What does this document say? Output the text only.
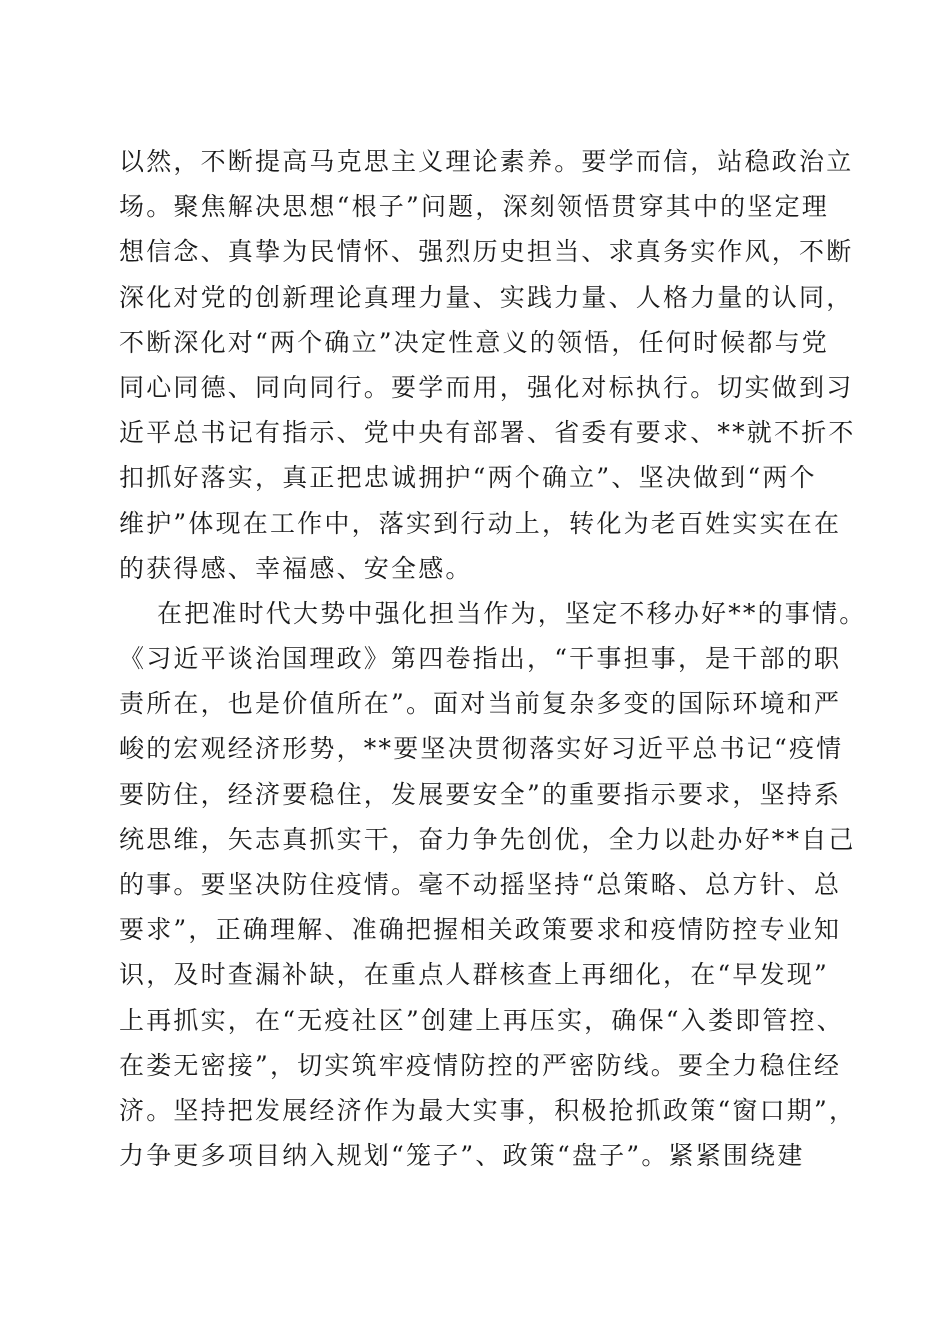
以然，不断提高马克思主义理论素养。要学而信，站稳政治立
场。聚焦解决思想“根子”问题，深刻领悟贯穿其中的坚定理
想信念、真挚为民情怀、强烈历史担当、求真务实作风，不断
深化对党的创新理论真理力量、实践力量、人格力量的认同，
不断深化对“两个确立”决定性意义的领悟，任何时候都与党
同心同德、同向同行。要学而用，强化对标执行。切实做到习
近平总书记有指示、党中央有部署、省委有要求、**就不折不
扣抓好落实，真正把忠诚拥护“两个确立”、坚决做到“两个
维护”体现在工作中，落实到行动上，转化为老百姓实实在在
的获得感、幸福感、安全感。
在把准时代大势中强化担当作为，坚定不移办好**的事情。
《习近平谈治国理政》第四卷指出，“干事担事，是干部的职
责所在，也是价值所在”。面对当前复杂多变的国际环境和严
峻的宏观经济形势，**要坚决贯彻落实好习近平总书记“疫情
要防住，经济要稳住，发展要安全”的重要指示要求，坚持系
统思维，矢志真抓实干，奋力争先创优，全力以赴办好**自己
的事。要坚决防住疫情。毫不动摇坚持“总策略、总方针、总
要求”，正确理解、准确把握相关政策要求和疫情防控专业知
识，及时查漏补缺，在重点人群核查上再细化，在“早发现”
上再抓实，在“无疫社区”创建上再压实，确保“入娄即管控、
在娄无密接”，切实筑牢疫情防控的严密防线。要全力稳住经
济。坚持把发展经济作为最大实事，积极抢抓政策“窗口期”，
力争更多项目纳入规划“笼子”、政策“盘子”。紧紧围绕建
